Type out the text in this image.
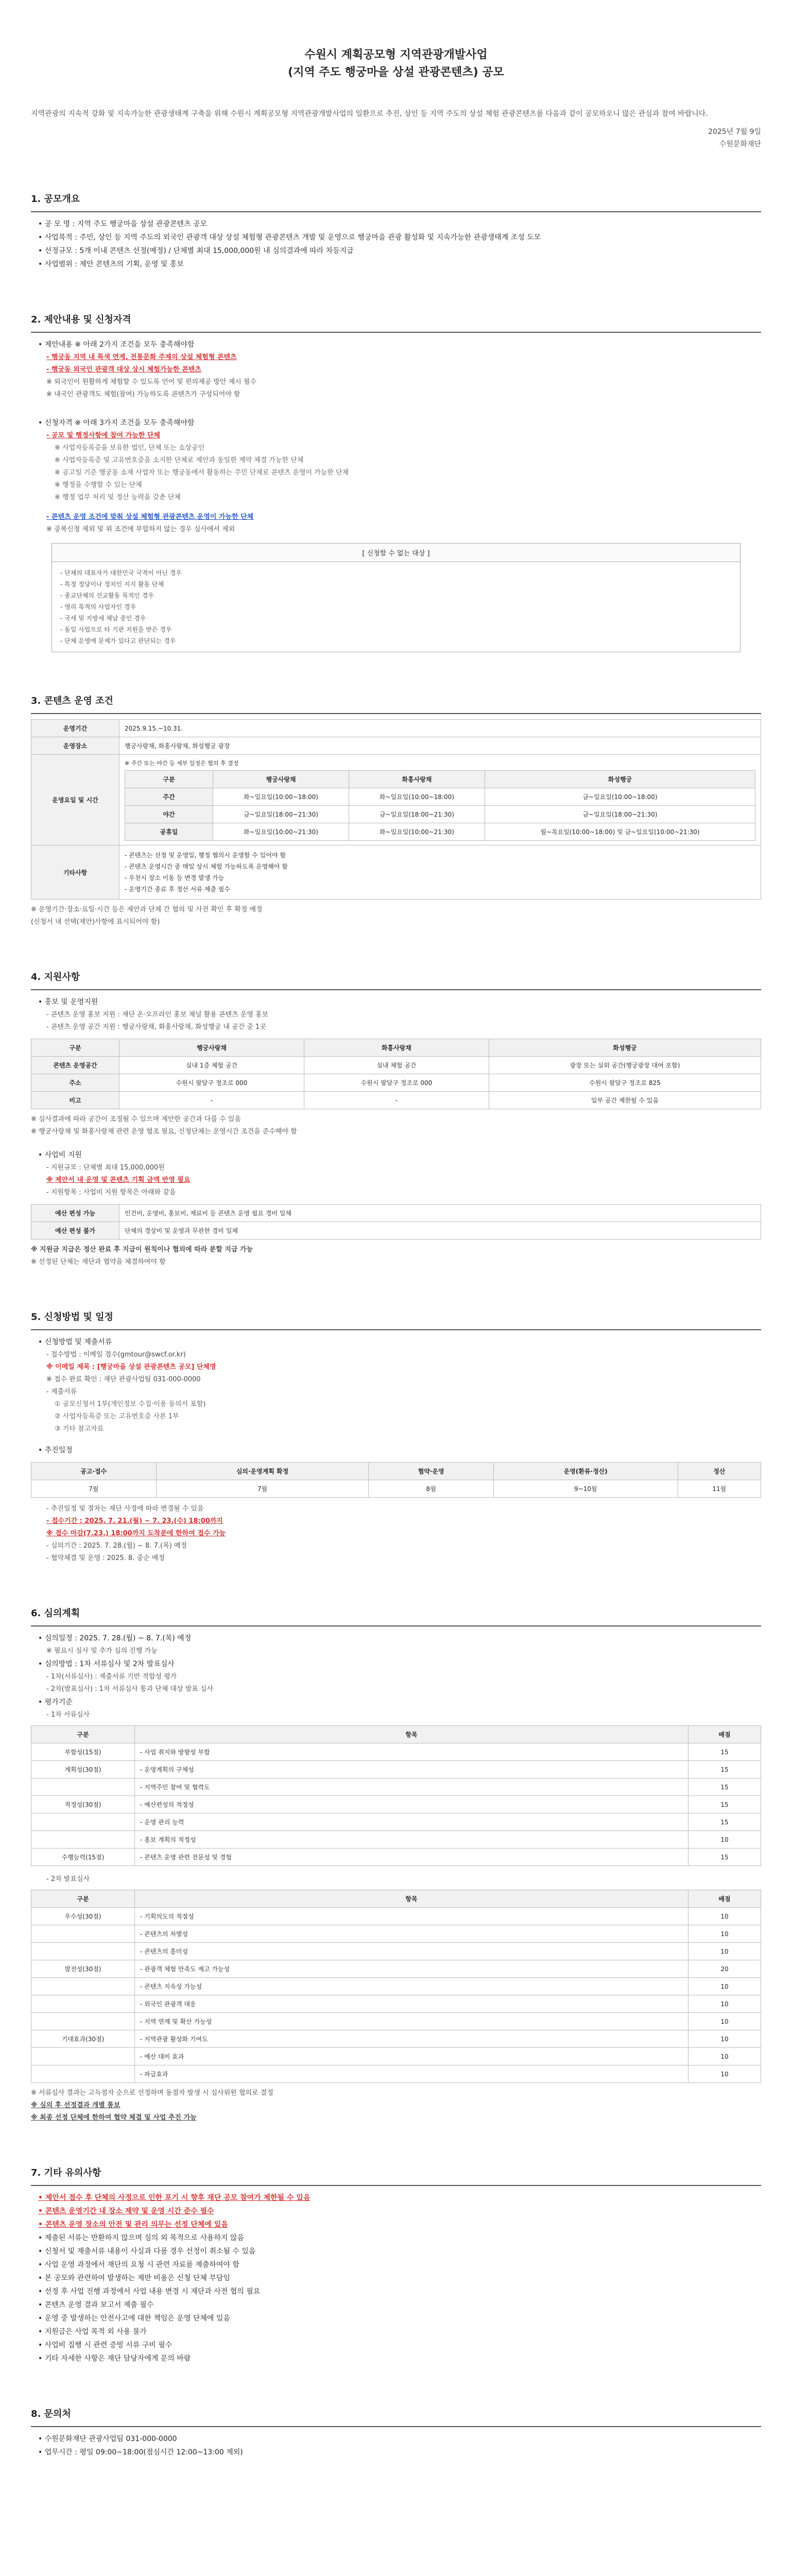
수원시 계획공모형 지역관광개발사업
(지역 주도 행궁마을 상설 관광콘텐츠) 공모
지역관광의 지속적 강화 및 지속가능한 관광생태계 구축을 위해 수원시 계획공모형 지역관광개발사업의 일환으로 추진, 상인 등 지역 주도의 상설 체험 관광콘텐츠를 다음과 같이 공모하오니 많은 관심과 참여 바랍니다.
2025년 7월 9일
수원문화재단
1. 공모개요
• 공 모 명 : 지역 주도 행궁마을 상설 관광콘텐츠 공모
• 사업목적 : 주민, 상인 등 지역 주도의 외국인 관광객 대상 상설 체험형 관광콘텐츠 개발 및 운영으로 행궁마을 관광 활성화 및 지속가능한 관광생태계 조성 도모
• 선정규모 : 5개 이내 콘텐츠 선정(예정) / 단체별 최대 15,000,000원 내 심의결과에 따라 차등지급
• 사업범위 : 제안 콘텐츠의 기획, 운영 및 홍보
2. 제안내용 및 신청자격
• 제안내용 ※ 아래 2가지 조건을 모두 충족해야함
- 행궁동 지역 내 특색 연계, 전통문화 주제의 상설 체험형 콘텐츠
- 행궁동 외국인 관광객 대상 상시 체험가능한 콘텐츠
※ 외국인이 원활하게 체험할 수 있도록 언어 및 편의제공 방안 제시 필수
※ 내국인 관광객도 체험(참여) 가능하도록 콘텐츠가 구성되어야 함
• 신청자격 ※ 아래 3가지 조건을 모두 충족해야함
- 공모 및 행정사항에 참여 가능한 단체
※ 사업자등록증을 보유한 법인, 단체 또는 소상공인
※ 사업자등록증 및 고유번호증을 소지한 단체로 제안과 동일한 계약 체결 가능한 단체
※ 공고일 기준 행궁동 소재 사업자 또는 행궁동에서 활동하는 주민 단체로 콘텐츠 운영이 가능한 단체
※ 행정을 수행할 수 있는 단체
※ 행정 업무 처리 및 정산 능력을 갖춘 단체
- 콘텐츠 운영 조건에 맞춰 상설 체험형 관광콘텐츠 운영이 가능한 단체
※ 중복신청 제외 및 위 조건에 부합하지 않는 경우 심사에서 제외
[ 신청할 수 없는 대상 ]
- 단체의 대표자가 대한민국 국적이 아닌 경우
- 특정 정당이나 정치인 지지 활동 단체
- 종교단체의 선교활동 목적인 경우
- 영리 목적의 사업자인 경우
- 국세 및 지방세 체납 중인 경우
- 동일 사업으로 타 기관 지원을 받은 경우
- 단체 운영에 문제가 있다고 판단되는 경우
3. 콘텐츠 운영 조건
운영기간	2025.9.15.~10.31.
운영장소	행궁사랑채, 화홍사랑채, 화성행궁 광장
운영요일 및 시간	
※ 주간 또는 야간 등 세부 일정은 협의 후 결정
구분	행궁사랑채	화홍사랑채	화성행궁
주간	화~일요일(10:00~18:00)	화~일요일(10:00~18:00)	금~일요일(10:00~18:00)
야간	금~일요일(18:00~21:30)	금~일요일(18:00~21:30)	금~일요일(18:00~21:30)
공휴일	화~일요일(10:00~21:30)	화~일요일(10:00~21:30)	월~목요일(10:00~18:00) 및 금~일요일(10:00~21:30)

기타사항	
- 콘텐츠는 선정 및 운영일, 행정 협의시 운영할 수 있어야 함
- 콘텐츠 운영시간 중 매일 상시 체험 가능하도록 운영해야 함
- 우천시 장소 이동 등 변경 발생 가능
- 운영기간 종료 후 정산 서류 제출 필수
※ 운영기간·장소·요일·시간 등은 제안과 단체 간 협의 및 사전 확인 후 확정 예정
(신청서 내 선택(제안)사항에 표시되어야 함)
4. 지원사항
• 홍보 및 운영지원
- 콘텐츠 운영 홍보 지원 : 재단 온·오프라인 홍보 채널 활용 콘텐츠 운영 홍보
- 콘텐츠 운영 공간 지원 : 행궁사랑채, 화홍사랑채, 화성행궁 내 공간 중 1곳
구분	행궁사랑채	화홍사랑채	화성행궁
콘텐츠 운영공간	실내 1층 체험 공간	실내 체험 공간	광장 또는 실외 공간(행궁광장 대여 포함)
주소	수원시 팔달구 정조로 000	수원시 팔달구 정조로 000	수원시 팔달구 정조로 825
비고	-	-	일부 공간 제한될 수 있음
※ 심사결과에 따라 공간이 조정될 수 있으며 제안한 공간과 다를 수 있음
※ 행궁사랑채 및 화홍사랑채 관련 운영 협조 필요, 신청단체는 운영시간 조건을 준수해야 함
• 사업비 지원
- 지원규모 : 단체별 최대 15,000,000원
※ 제안서 내 운영 및 콘텐츠 기획 금액 반영 필요
- 지원항목 : 사업비 지원 항목은 아래와 같음
예산 편성 가능	인건비, 운영비, 홍보비, 재료비 등 콘텐츠 운영 필요 경비 일체
예산 편성 불가	단체의 경상비 및 운영과 무관한 경비 일체
※ 지원금 지급은 정산 완료 후 지급이 원칙이나 협의에 따라 분할 지급 가능
※ 선정된 단체는 재단과 협약을 체결하여야 함
5. 신청방법 및 일정
• 신청방법 및 제출서류
- 접수방법 : 이메일 접수(gmtour@swcf.or.kr)
※ 이메일 제목 : [행궁마을 상설 관광콘텐츠 공모] 단체명
※ 접수 완료 확인 : 재단 관광사업팀 031-000-0000
- 제출서류
① 공모신청서 1부(개인정보 수집·이용 동의서 포함)
② 사업자등록증 또는 고유번호증 사본 1부
③ 기타 참고자료
• 추진일정
공고·접수	심의·운영계획 확정	협약·운영	운영(환류·정산)	정산
7월	7월	8월	9~10월	11월
- 추진일정 및 절차는 재단 사정에 따라 변경될 수 있음
- 접수기간 : 2025. 7. 21.(월) ~ 7. 23.(수) 18:00까지
※ 접수 마감(7.23.) 18:00까지 도착분에 한하여 접수 가능
- 심의기간 : 2025. 7. 28.(월) ~ 8. 7.(목) 예정
- 협약체결 및 운영 : 2025. 8. 중순 예정
6. 심의계획
• 심의일정 : 2025. 7. 28.(월) ~ 8. 7.(목) 예정
※ 필요시 실사 및 추가 심의 진행 가능
• 심의방법 : 1차 서류심사 및 2차 발표심사
- 1차(서류심사) : 제출서류 기반 적합성 평가
- 2차(발표심사) : 1차 서류심사 통과 단체 대상 발표 심사
• 평가기준
- 1차 서류심사
구분	항목	배점
부합성(15점)	- 사업 취지와 방향성 부합	15
계획성(30점)	- 운영계획의 구체성	15
	- 지역주민 참여 및 협력도	15
적정성(30점)	- 예산편성의 적정성	15
	- 운영 관리 능력	15
	- 홍보 계획의 적정성	10
수행능력(15점)	- 콘텐츠 운영 관련 전문성 및 경험	15
- 2차 발표심사
구분	항목	배점
우수성(30점)	- 기획의도의 적절성	10
	- 콘텐츠의 차별성	10
	- 콘텐츠의 흥미성	10
발전성(30점)	- 관광객 체험 만족도 제고 가능성	20
	- 콘텐츠 지속성 가능성	10
	- 외국인 관광객 대응	10
	- 지역 연계 및 확산 가능성	10
기대효과(30점)	- 지역관광 활성화 기여도	10
	- 예산 대비 효과	10
	- 파급효과	10
※ 서류심사 결과는 고득점자 순으로 선정하며 동점자 발생 시 심사위원 협의로 결정
※ 심의 후 선정결과 개별 통보
※ 최종 선정 단체에 한하여 협약 체결 및 사업 추진 가능
7. 기타 유의사항
• 제안서 접수 후 단체의 사정으로 인한 포기 시 향후 재단 공모 참여가 제한될 수 있음
• 콘텐츠 운영기간 내 장소 제약 및 운영 시간 준수 필수
• 콘텐츠 운영 장소의 안전 및 관리 의무는 선정 단체에 있음
• 제출된 서류는 반환하지 않으며 심의 외 목적으로 사용하지 않음
• 신청서 및 제출서류 내용이 사실과 다를 경우 선정이 취소될 수 있음
• 사업 운영 과정에서 재단의 요청 시 관련 자료를 제출하여야 함
• 본 공모와 관련하여 발생하는 제반 비용은 신청 단체 부담임
• 선정 후 사업 진행 과정에서 사업 내용 변경 시 재단과 사전 협의 필요
• 콘텐츠 운영 결과 보고서 제출 필수
• 운영 중 발생하는 안전사고에 대한 책임은 운영 단체에 있음
• 지원금은 사업 목적 외 사용 불가
• 사업비 집행 시 관련 증빙 서류 구비 필수
• 기타 자세한 사항은 재단 담당자에게 문의 바람
8. 문의처
• 수원문화재단 관광사업팀 031-000-0000
• 업무시간 : 평일 09:00~18:00(점심시간 12:00~13:00 제외)
